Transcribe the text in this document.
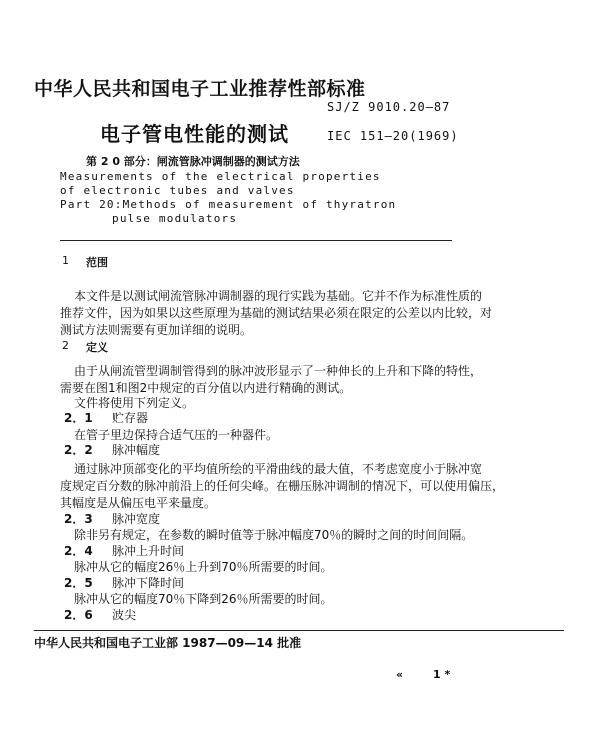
中华人民共和国电子工业推荐性部标准
SJ/Z 9010.20—87
电子管电性能的测试	IEC 151—20(1969)
第 2 0 部分：闸流管脉冲调制器的测试方法
Measurements of the electrical properties
of electronic tubes and valves
Part 20:Methods of measurement of thyratron
pulse modulators
1 范围
本文件是以测试闸流管脉冲调制器的现行实践为基础。它并不作为标准性质的
推荐文件，因为如果以这些原理为基础的测试结果必须在限定的公差以内比较，对
测试方法则需要有更加详细的说明。
2 定义
由于从闸流管型调制管得到的脉冲波形显示了一种伸长的上升和下降的特性，
需要在图1和图2中规定的百分值以内进行精确的测试。
文件将使用下列定义。
2．1 贮存器
在管子里边保持合适气压的一种器件。
2．2 脉冲幅度
通过脉冲顶部变化的平均值所绘的平滑曲线的最大值，不考虑宽度小于脉冲宽
度规定百分数的脉冲前沿上的任何尖峰。在栅压脉冲调制的情况下，可以使用偏压，
其幅度是从偏压电平来量度。
2．3 脉冲宽度
除非另有规定，在参数的瞬时值等于脉冲幅度70％的瞬时之间的时间间隔。
2．4 脉冲上升时间
脉冲从它的幅度26％上升到70％所需要的时间。
2．5 脉冲下降时间
脉冲从它的幅度70％下降到26％所需要的时间。
2．6 波尖
中华人民共和国电子工业部 1987—09—14 批准
«	1 *
